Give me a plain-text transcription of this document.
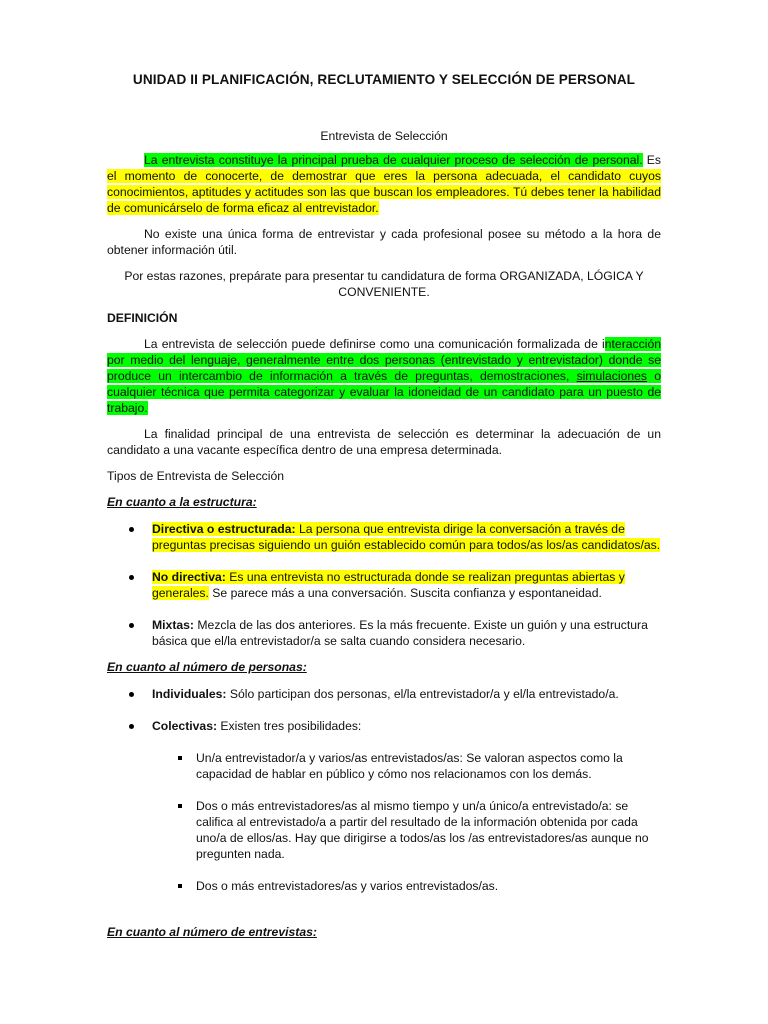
UNIDAD II PLANIFICACIÓN, RECLUTAMIENTO Y SELECCIÓN DE PERSONAL

Entrevista de Selección

La entrevista constituye la principal prueba de cualquier proceso de selección de personal. Es el momento de conocerte, de demostrar que eres la persona adecuada, el candidato cuyos conocimientos, aptitudes y actitudes son las que buscan los empleadores. Tú debes tener la habilidad de comunicárselo de forma eficaz al entrevistador.

No existe una única forma de entrevistar y cada profesional posee su método a la hora de obtener información útil.

Por estas razones, prepárate para presentar tu candidatura de forma ORGANIZADA, LÓGICA Y CONVENIENTE.

DEFINICIÓN

La entrevista de selección puede definirse como una comunicación formalizada de interacción por medio del lenguaje, generalmente entre dos personas (entrevistado y entrevistador) donde se produce un intercambio de información a través de preguntas, demostraciones, simulaciones o cualquier técnica que permita categorizar y evaluar la idoneidad de un candidato para un puesto de trabajo.

La finalidad principal de una entrevista de selección es determinar la adecuación de un candidato a una vacante específica dentro de una empresa determinada.

Tipos de Entrevista de Selección

En cuanto a la estructura:

Directiva o estructurada: La persona que entrevista dirige la conversación a través de preguntas precisas siguiendo un guión establecido común para todos/as los/as candidatos/as.
No directiva: Es una entrevista no estructurada donde se realizan preguntas abiertas y generales. Se parece más a una conversación. Suscita confianza y espontaneidad.
Mixtas: Mezcla de las dos anteriores. Es la más frecuente. Existe un guión y una estructura básica que el/la entrevistador/a se salta cuando considera necesario.

En cuanto al número de personas:

Individuales: Sólo participan dos personas, el/la entrevistador/a y el/la entrevistado/a.
Colectivas: Existen tres posibilidades:
Un/a entrevistador/a y varios/as entrevistados/as: Se valoran aspectos como la capacidad de hablar en público y cómo nos relacionamos con los demás.
Dos o más entrevistadores/as al mismo tiempo y un/a único/a entrevistado/a: se califica al entrevistado/a a partir del resultado de la información obtenida por cada uno/a de ellos/as. Hay que dirigirse a todos/as los /as entrevistadores/as aunque no pregunten nada.
Dos o más entrevistadores/as y varios entrevistados/as.

En cuanto al número de entrevistas:
